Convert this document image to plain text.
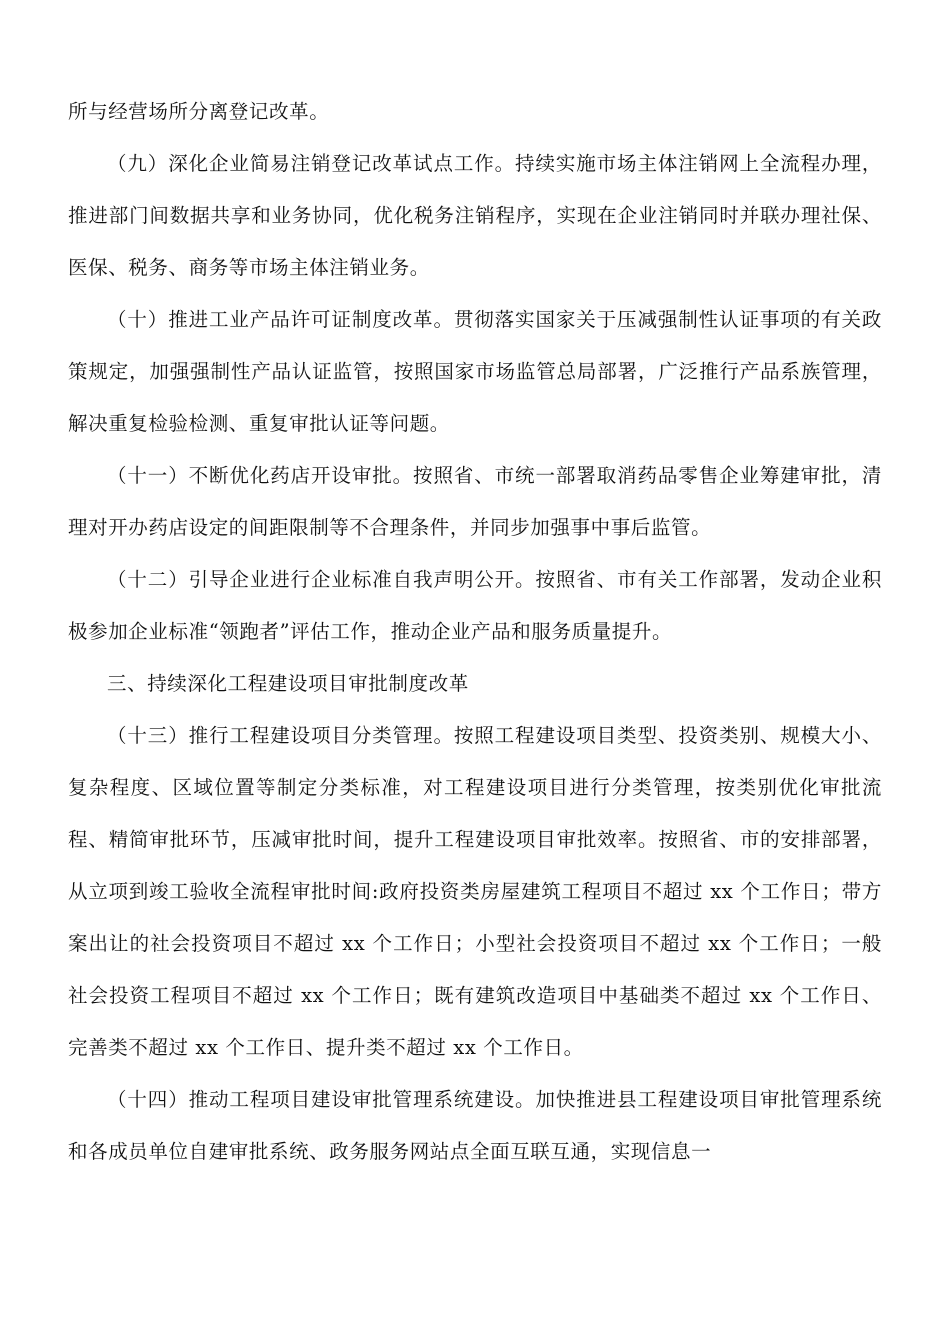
所与经营场所分离登记改革。

（九）深化企业简易注销登记改革试点工作。持续实施市场主体注销网上全流程办理，推进部门间数据共享和业务协同，优化税务注销程序，实现在企业注销同时并联办理社保、医保、税务、商务等市场主体注销业务。

（十）推进工业产品许可证制度改革。贯彻落实国家关于压减强制性认证事项的有关政策规定，加强强制性产品认证监管，按照国家市场监管总局部署，广泛推行产品系族管理，解决重复检验检测、重复审批认证等问题。

（十一）不断优化药店开设审批。按照省、市统一部署取消药品零售企业筹建审批，清理对开办药店设定的间距限制等不合理条件，并同步加强事中事后监管。

（十二）引导企业进行企业标准自我声明公开。按照省、市有关工作部署，发动企业积极参加企业标准“领跑者”评估工作，推动企业产品和服务质量提升。

三、持续深化工程建设项目审批制度改革

（十三）推行工程建设项目分类管理。按照工程建设项目类型、投资类别、规模大小、复杂程度、区域位置等制定分类标准，对工程建设项目进行分类管理，按类别优化审批流程、精简审批环节，压减审批时间，提升工程建设项目审批效率。按照省、市的安排部署，从立项到竣工验收全流程审批时间:政府投资类房屋建筑工程项目不超过 xx 个工作日；带方案出让的社会投资项目不超过 xx 个工作日；小型社会投资项目不超过 xx 个工作日；一般社会投资工程项目不超过 xx 个工作日；既有建筑改造项目中基础类不超过 xx 个工作日、完善类不超过 xx 个工作日、提升类不超过 xx 个工作日。

（十四）推动工程项目建设审批管理系统建设。加快推进县工程建设项目审批管理系统和各成员单位自建审批系统、政务服务网站点全面互联互通，实现信息一
